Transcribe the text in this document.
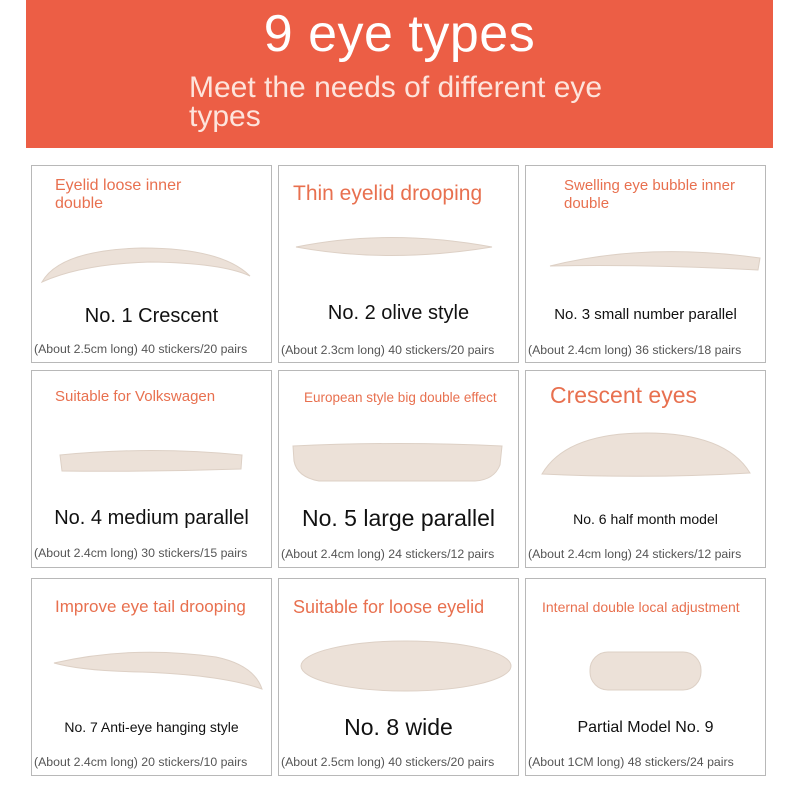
9 eye types
Meet the needs of different eye types
Eyelid loose inner double
No. 1 Crescent
(About 2.5cm long) 40 stickers/20 pairs
Thin eyelid drooping
No. 2 olive style
(About 2.3cm long) 40 stickers/20 pairs
Swelling eye bubble inner double
No. 3 small number parallel
(About 2.4cm long) 36 stickers/18 pairs
Suitable for Volkswagen
No. 4 medium parallel
(About 2.4cm long) 30 stickers/15 pairs
European style big double effect
No. 5 large parallel
(About 2.4cm long) 24 stickers/12 pairs
Crescent eyes
No. 6 half month model
(About 2.4cm long) 24 stickers/12 pairs
Improve eye tail drooping
No. 7 Anti-eye hanging style
(About 2.4cm long) 20 stickers/10 pairs
Suitable for loose eyelid
No. 8 wide
(About 2.5cm long) 40 stickers/20 pairs
Internal double local adjustment
Partial Model No. 9
(About 1CM long) 48 stickers/24 pairs
